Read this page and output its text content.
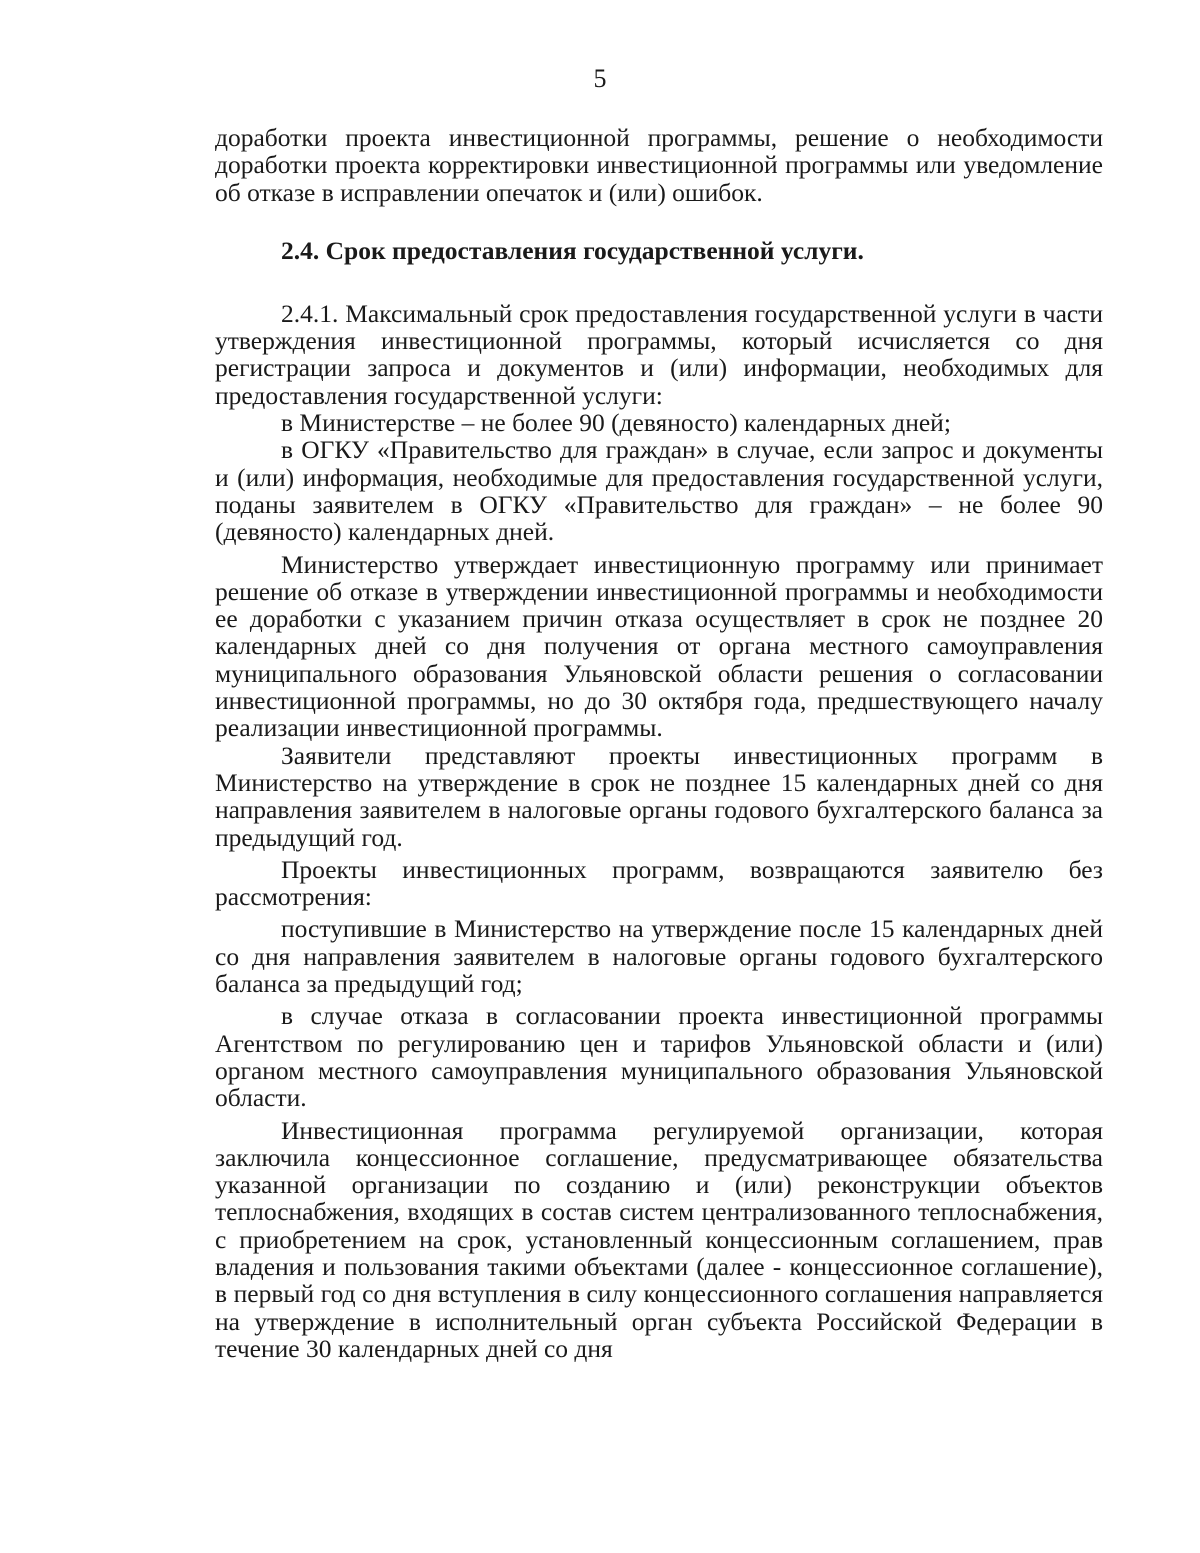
5

доработки проекта инвестиционной программы, решение о необходимости доработки проекта корректировки инвестиционной программы или уведомление об отказе в исправлении опечаток и (или) ошибок.

2.4. Срок предоставления государственной услуги.

2.4.1. Максимальный срок предоставления государственной услуги в части утверждения инвестиционной программы, который исчисляется со дня регистрации запроса и документов и (или) информации, необходимых для предоставления государственной услуги:

в Министерстве – не более 90 (девяносто) календарных дней;

в ОГКУ «Правительство для граждан» в случае, если запрос и документы и (или) информация, необходимые для предоставления государственной услуги, поданы заявителем в ОГКУ «Правительство для граждан» – не более 90 (девяносто) календарных дней.

Министерство утверждает инвестиционную программу или принимает решение об отказе в утверждении инвестиционной программы и необходимости ее доработки с указанием причин отказа осуществляет в срок не позднее 20 календарных дней со дня получения от органа местного самоуправления муниципального образования Ульяновской области решения о согласовании инвестиционной программы, но до 30 октября года, предшествующего началу реализации инвестиционной программы.

Заявители представляют проекты инвестиционных программ в Министерство на утверждение в срок не позднее 15 календарных дней со дня направления заявителем в налоговые органы годового бухгалтерского баланса за предыдущий год.

Проекты инвестиционных программ, возвращаются заявителю без рассмотрения:

поступившие в Министерство на утверждение после 15 календарных дней со дня направления заявителем в налоговые органы годового бухгалтерского баланса за предыдущий год;

в случае отказа в согласовании проекта инвестиционной программы Агентством по регулированию цен и тарифов Ульяновской области и (или) органом местного самоуправления муниципального образования Ульяновской области.

Инвестиционная программа регулируемой организации, которая заключила концессионное соглашение, предусматривающее обязательства указанной организации по созданию и (или) реконструкции объектов теплоснабжения, входящих в состав систем централизованного теплоснабжения, с приобретением на срок, установленный концессионным соглашением, прав владения и пользования такими объектами (далее - концессионное соглашение), в первый год со дня вступления в силу концессионного соглашения направляется на утверждение в исполнительный орган субъекта Российской Федерации в течение 30 календарных дней со дня
